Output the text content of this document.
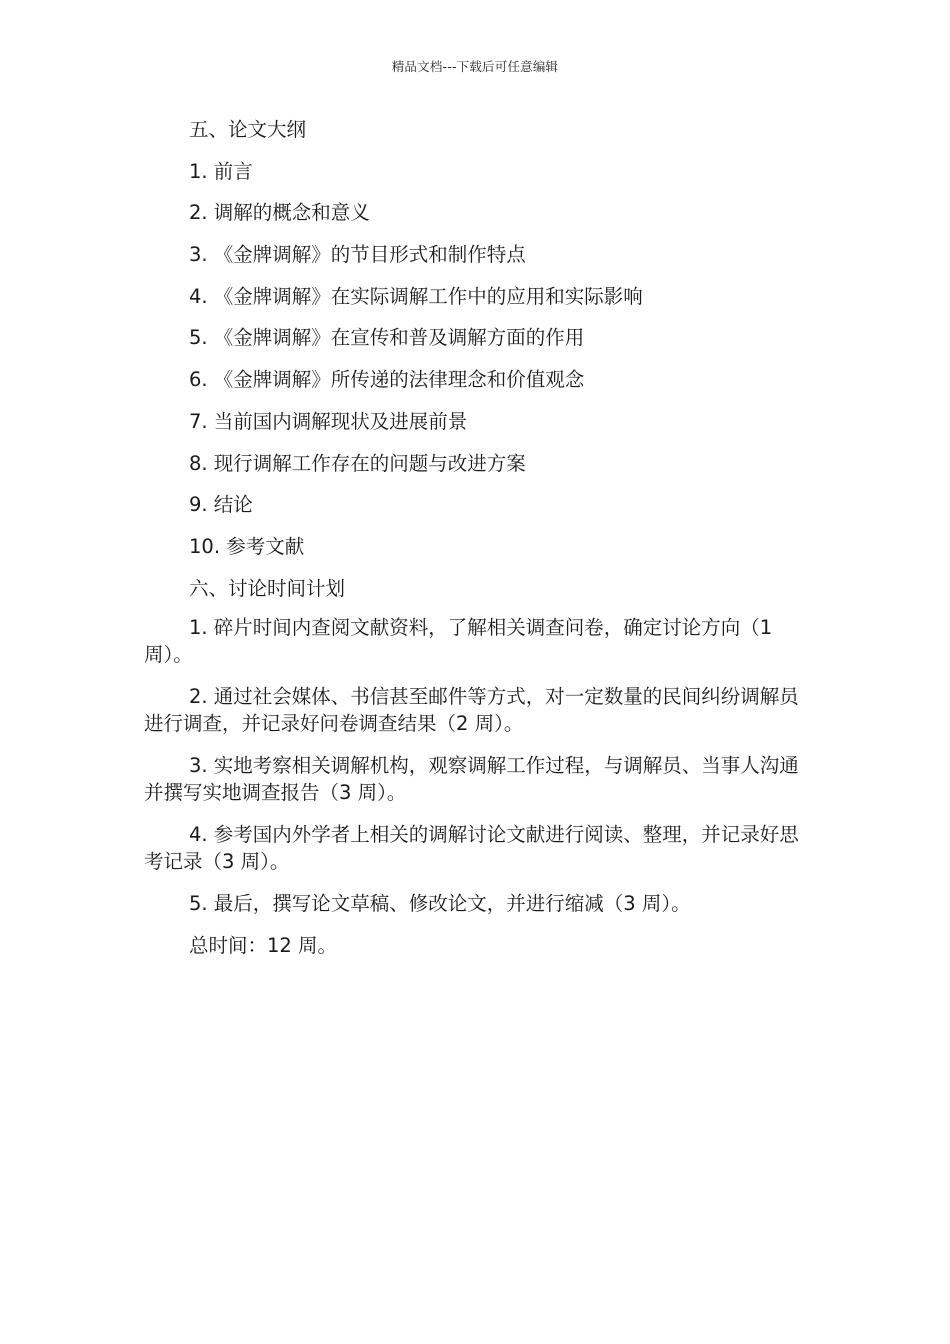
精品文档---下载后可任意编辑
五、论文大纲
1. 前言
2. 调解的概念和意义
3. 《金牌调解》的节目形式和制作特点
4. 《金牌调解》在实际调解工作中的应用和实际影响
5. 《金牌调解》在宣传和普及调解方面的作用
6. 《金牌调解》所传递的法律理念和价值观念
7. 当前国内调解现状及进展前景
8. 现行调解工作存在的问题与改进方案
9. 结论
10. 参考文献
六、讨论时间计划
1. 碎片时间内查阅文献资料，了解相关调查问卷，确定讨论方向（1 周）。
2. 通过社会媒体、书信甚至邮件等方式，对一定数量的民间纠纷调解员进行调查，并记录好问卷调查结果（2 周）。
3. 实地考察相关调解机构，观察调解工作过程，与调解员、当事人沟通并撰写实地调查报告（3 周）。
4. 参考国内外学者上相关的调解讨论文献进行阅读、整理，并记录好思考记录（3 周）。
5. 最后，撰写论文草稿、修改论文，并进行缩减（3 周）。
总时间：12 周。
